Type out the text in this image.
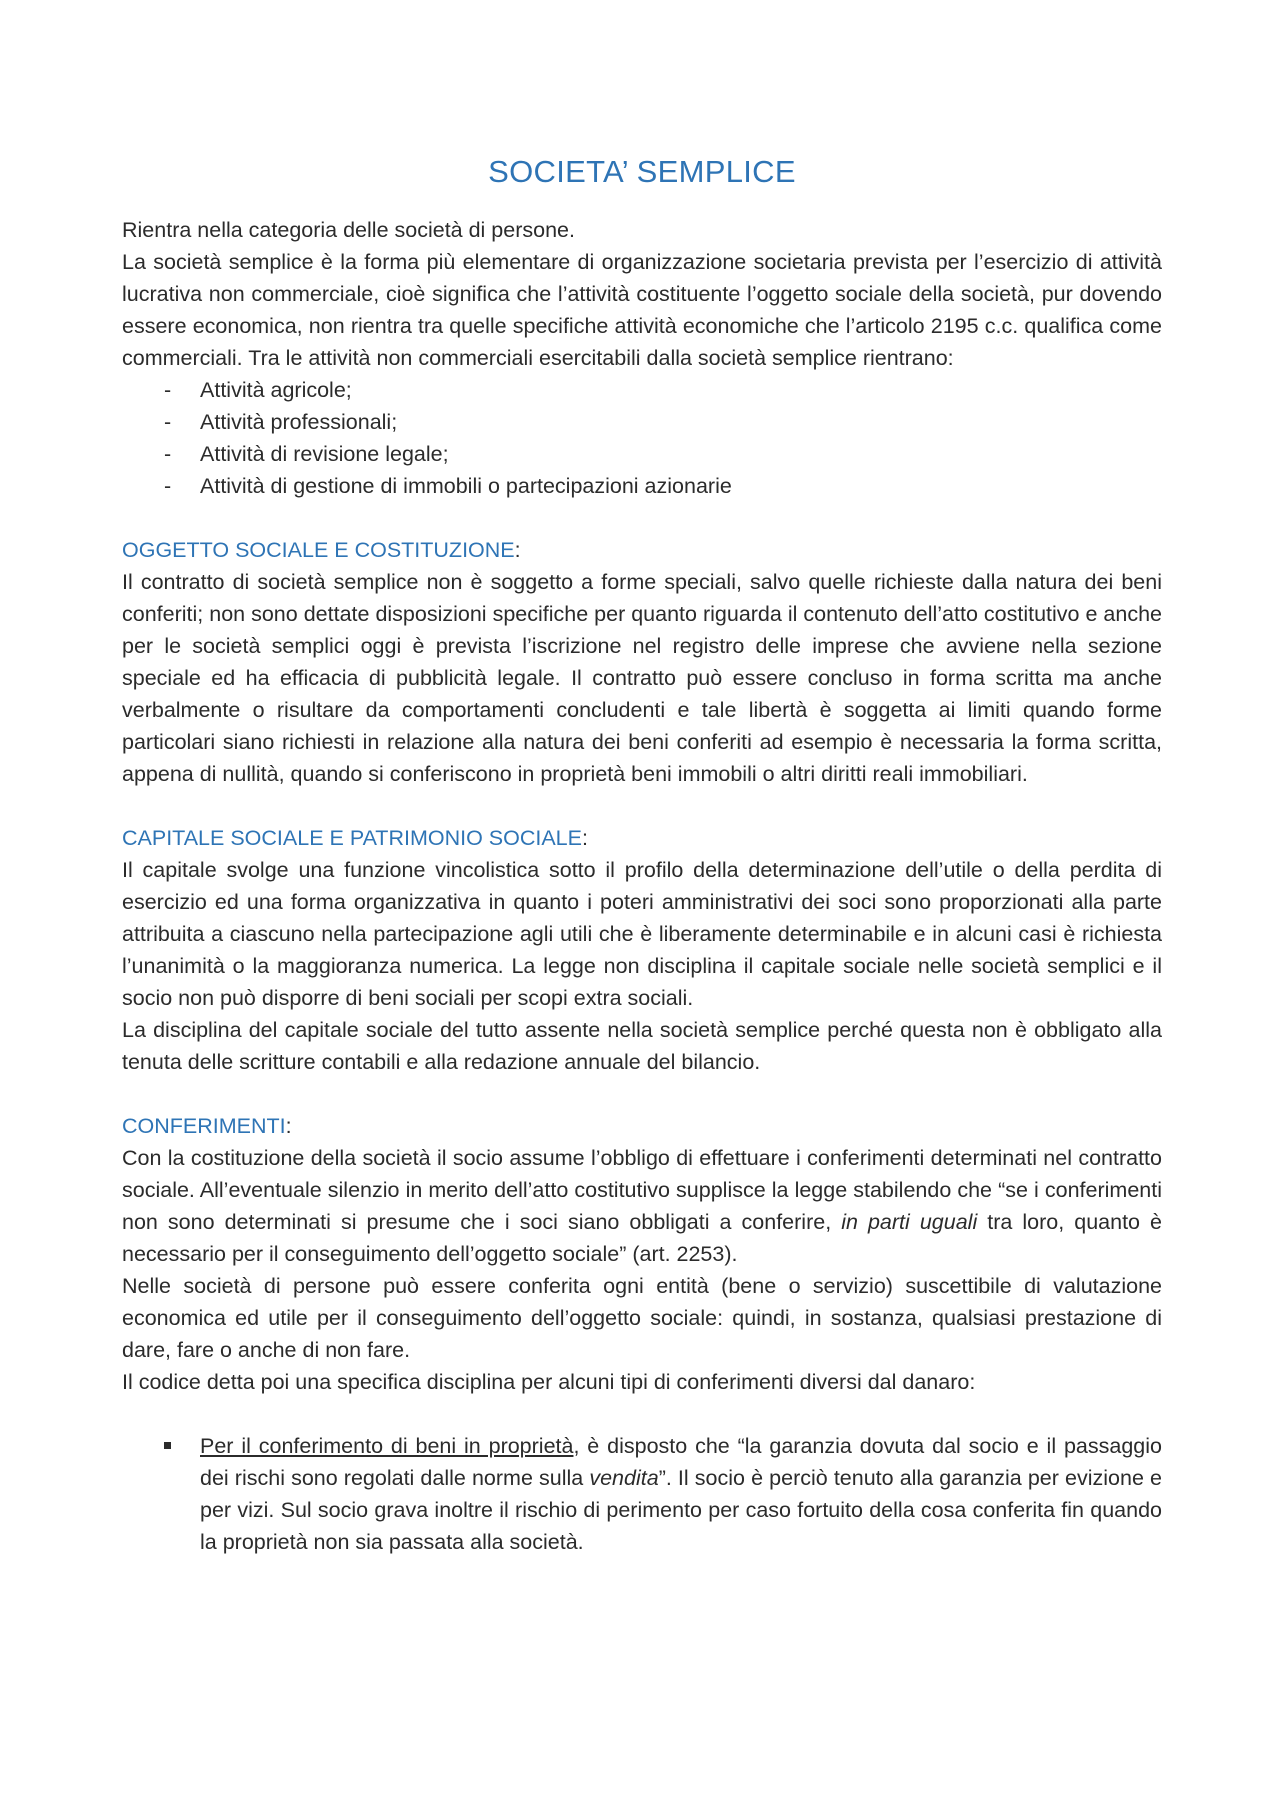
SOCIETA’ SEMPLICE

Rientra nella categoria delle società di persone.

La società semplice è la forma più elementare di organizzazione societaria prevista per l’esercizio di attività lucrativa non commerciale, cioè significa che l’attività costituente l’oggetto sociale della società, pur dovendo essere economica, non rientra tra quelle specifiche attività economiche che l’articolo 2195 c.c. qualifica come commerciali. Tra le attività non commerciali esercitabili dalla società semplice rientrano:

- Attività agricole;
- Attività professionali;
- Attività di revisione legale;
- Attività di gestione di immobili o partecipazioni azionarie

OGGETTO SOCIALE E COSTITUZIONE:

Il contratto di società semplice non è soggetto a forme speciali, salvo quelle richieste dalla natura dei beni conferiti; non sono dettate disposizioni specifiche per quanto riguarda il contenuto dell’atto costitutivo e anche per le società semplici oggi è prevista l’iscrizione nel registro delle imprese che avviene nella sezione speciale ed ha efficacia di pubblicità legale. Il contratto può essere concluso in forma scritta ma anche verbalmente o risultare da comportamenti concludenti e tale libertà è soggetta ai limiti quando forme particolari siano richiesti in relazione alla natura dei beni conferiti ad esempio è necessaria la forma scritta, appena di nullità, quando si conferiscono in proprietà beni immobili o altri diritti reali immobiliari.

CAPITALE SOCIALE E PATRIMONIO SOCIALE:

Il capitale svolge una funzione vincolistica sotto il profilo della determinazione dell’utile o della perdita di esercizio ed una forma organizzativa in quanto i poteri amministrativi dei soci sono proporzionati alla parte attribuita a ciascuno nella partecipazione agli utili che è liberamente determinabile e in alcuni casi è richiesta l’unanimità o la maggioranza numerica. La legge non disciplina il capitale sociale nelle società semplici e il socio non può disporre di beni sociali per scopi extra sociali.

La disciplina del capitale sociale del tutto assente nella società semplice perché questa non è obbligato alla tenuta delle scritture contabili e alla redazione annuale del bilancio.

CONFERIMENTI:

Con la costituzione della società il socio assume l’obbligo di effettuare i conferimenti determinati nel contratto sociale. All’eventuale silenzio in merito dell’atto costitutivo supplisce la legge stabilendo che “se i conferimenti non sono determinati si presume che i soci siano obbligati a conferire, in parti uguali tra loro, quanto è necessario per il conseguimento dell’oggetto sociale” (art. 2253).

Nelle società di persone può essere conferita ogni entità (bene o servizio) suscettibile di valutazione economica ed utile per il conseguimento dell’oggetto sociale: quindi, in sostanza, qualsiasi prestazione di dare, fare o anche di non fare.

Il codice detta poi una specifica disciplina per alcuni tipi di conferimenti diversi dal danaro:

Per il conferimento di beni in proprietà, è disposto che “la garanzia dovuta dal socio e il passaggio dei rischi sono regolati dalle norme sulla vendita”. Il socio è perciò tenuto alla garanzia per evizione e per vizi. Sul socio grava inoltre il rischio di perimento per caso fortuito della cosa conferita fin quando la proprietà non sia passata alla società.
